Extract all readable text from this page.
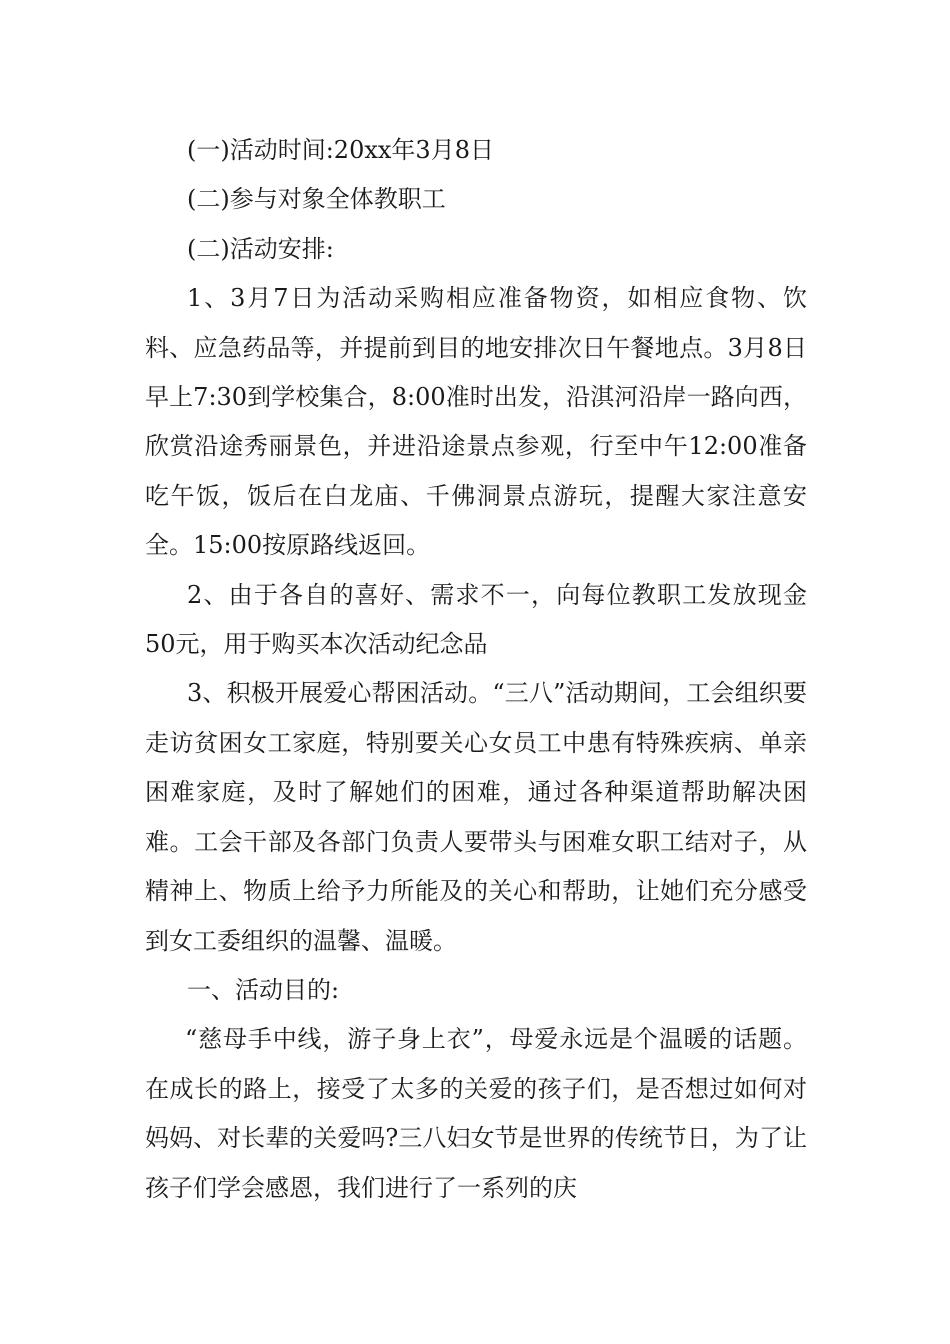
(一)活动时间:20xx年3月8日

(二)参与对象全体教职工

(二)活动安排:

1、3月7日为活动采购相应准备物资，如相应食物、饮料、应急药品等，并提前到目的地安排次日午餐地点。3月8日早上7:30到学校集合，8:00准时出发，沿淇河沿岸一路向西，欣赏沿途秀丽景色，并进沿途景点参观，行至中午12:00准备吃午饭，饭后在白龙庙、千佛洞景点游玩，提醒大家注意安全。15:00按原路线返回。

2、由于各自的喜好、需求不一，向每位教职工发放现金50元，用于购买本次活动纪念品

3、积极开展爱心帮困活动。“三八”活动期间，工会组织要走访贫困女工家庭，特别要关心女员工中患有特殊疾病、单亲困难家庭，及时了解她们的困难，通过各种渠道帮助解决困难。工会干部及各部门负责人要带头与困难女职工结对子，从精神上、物质上给予力所能及的关心和帮助，让她们充分感受到女工委组织的温馨、温暖。

一、活动目的:

“慈母手中线，游子身上衣”，母爱永远是个温暖的话题。在成长的路上，接受了太多的关爱的孩子们，是否想过如何对妈妈、对长辈的关爱吗?三八妇女节是世界的传统节日，为了让孩子们学会感恩，我们进行了一系列的庆
